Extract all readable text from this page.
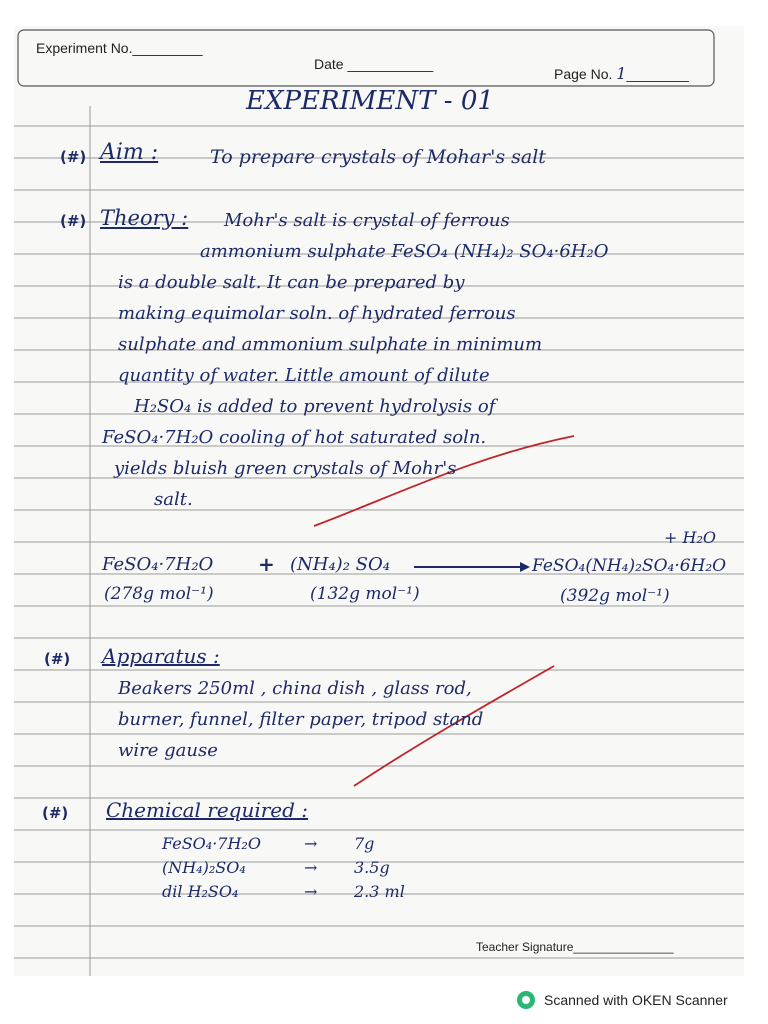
Experiment No._________
Date ___________
Page No. 1________
EXPERIMENT - 01
(#) Aim :	To prepare crystals of Mohar's salt
(#) Theory : Mohr's salt is crystal of ferrous
ammonium sulphate FeSO₄ (NH₄)₂ SO₄·6H₂O
is a double salt. It can be prepared by
making equimolar soln. of hydrated ferrous
sulphate and ammonium sulphate in minimum
quantity of water. Little amount of dilute
H₂SO₄ is added to prevent hydrolysis of
FeSO₄·7H₂O cooling of hot saturated soln.
yields bluish green crystals of Mohr's
salt.
+ H₂O
FeSO₄·7H₂O + (NH₄)₂ SO₄	FeSO₄(NH₄)₂SO₄·6H₂O
(278g mol⁻¹)	(132g mol⁻¹)	(392g mol⁻¹)
(#) Apparatus :
Beakers 250ml , china dish , glass rod,
burner, funnel, filter paper, tripod stand
wire gause
(#) Chemical required :
FeSO₄·7H₂O	→ 7g
(NH₄)₂SO₄	→ 3.5g
dil H₂SO₄	→ 2.3 ml
Teacher Signature_______________
Scanned with OKEN Scanner
